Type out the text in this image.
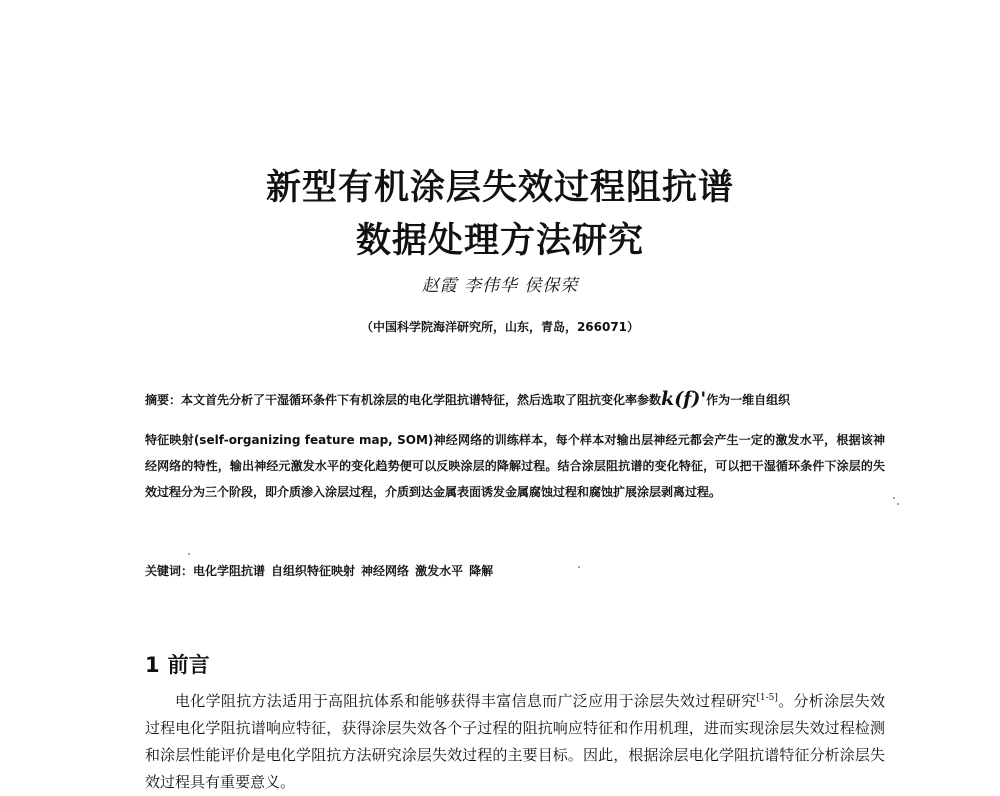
新型有机涂层失效过程阻抗谱
数据处理方法研究
赵霞 李伟华 侯保荣
（中国科学院海洋研究所，山东，青岛，266071）
摘要：本文首先分析了干湿循环条件下有机涂层的电化学阻抗谱特征，然后选取了阻抗变化率参数k(f)'作为一维自组织
特征映射(self-organizing feature map, SOM)神经网络的训练样本，每个样本对输出层神经元都会产生一定的激发水平，根据该神经网络的特性，输出神经元激发水平的变化趋势便可以反映涂层的降解过程。结合涂层阻抗谱的变化特征，可以把干湿循环条件下涂层的失效过程分为三个阶段，即介质渗入涂层过程，介质到达金属表面诱发金属腐蚀过程和腐蚀扩展涂层剥离过程。
关键词：电化学阻抗谱 自组织特征映射 神经网络 激发水平 降解
1 前言
电化学阻抗方法适用于高阻抗体系和能够获得丰富信息而广泛应用于涂层失效过程研究[1-5]。分析涂层失效过程电化学阻抗谱响应特征，获得涂层失效各个子过程的阻抗响应特征和作用机理，进而实现涂层失效过程检测和涂层性能评价是电化学阻抗方法研究涂层失效过程的主要目标。因此，根据涂层电化学阻抗谱特征分析涂层失效过程具有重要意义。
